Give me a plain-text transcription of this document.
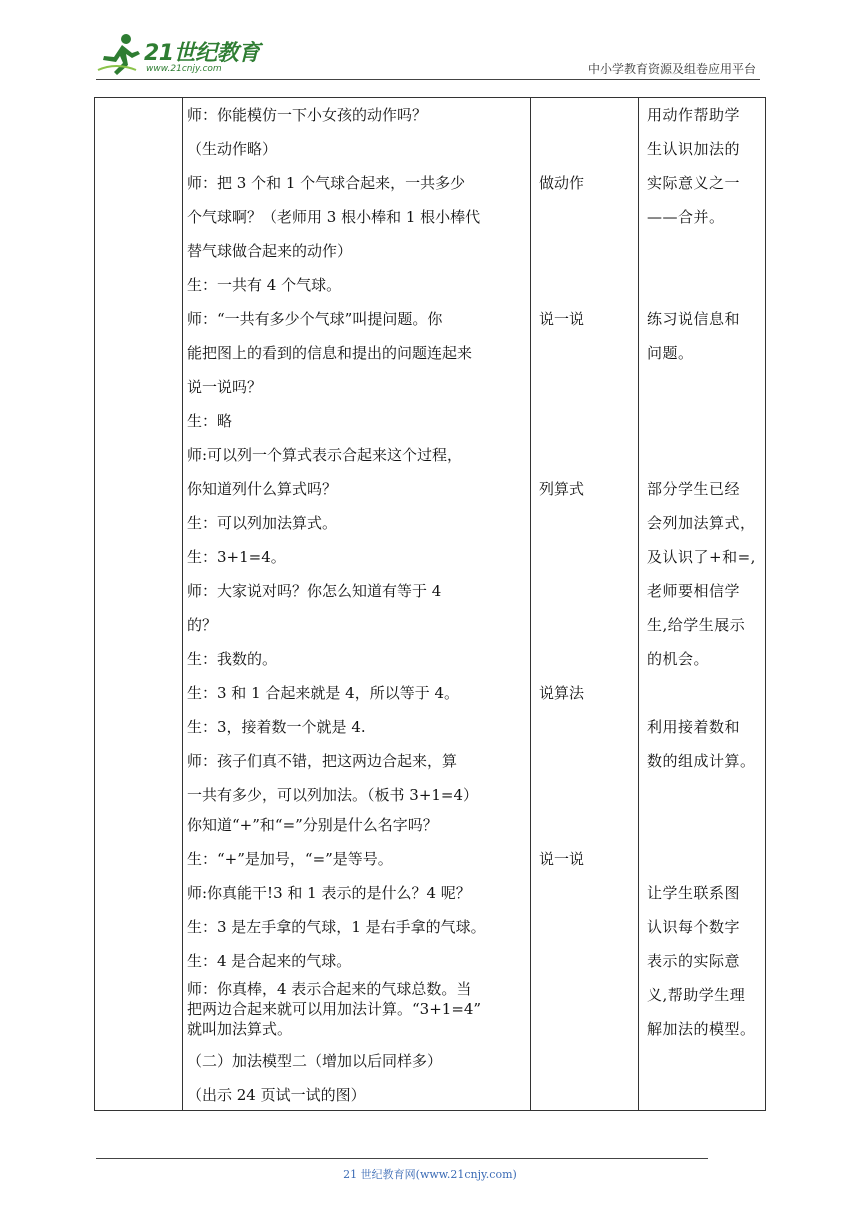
21世纪教育
www.21cnjy.com	中小学教育资源及组卷应用平台
师：你能模仿一下小女孩的动作吗？
（生动作略）
师：把 3 个和 1 个气球合起来，一共多少
个气球啊？（老师用 3 根小棒和 1 根小棒代
替气球做合起来的动作）
生：一共有 4 个气球。
师：“一共有多少个气球”叫提问题。你
能把图上的看到的信息和提出的问题连起来
说一说吗？
生：略
师:可以列一个算式表示合起来这个过程，
你知道列什么算式吗？
生：可以列加法算式。
生：3+1=4。
师：大家说对吗？你怎么知道有等于 4
的？
生：我数的。
生：3 和 1 合起来就是 4，所以等于 4。
生：3，接着数一个就是 4.
师：孩子们真不错，把这两边合起来，算
一共有多少，可以列加法。（板书 3+1=4）
你知道“+”和“=”分别是什么名字吗？
生：“+”是加号，“=”是等号。
师:你真能干!3 和 1 表示的是什么？4 呢？
生：3 是左手拿的气球，1 是右手拿的气球。
生：4 是合起来的气球。
师：你真棒，4 表示合起来的气球总数。当
把两边合起来就可以用加法计算。“3+1=4”
就叫加法算式。
（二）加法模型二（增加以后同样多）
（出示 24 页试一试的图）
做动作
说一说
列算式
说算法
说一说
用动作帮助学
生认识加法的
实际意义之一
——合并。
练习说信息和
问题。
部分学生已经
会列加法算式，
及认识了+和=,
老师要相信学
生,给学生展示
的机会。
利用接着数和
数的组成计算。
让学生联系图
认识每个数字
表示的实际意
义,帮助学生理
解加法的模型。
21 世纪教育网(www.21cnjy.com)
